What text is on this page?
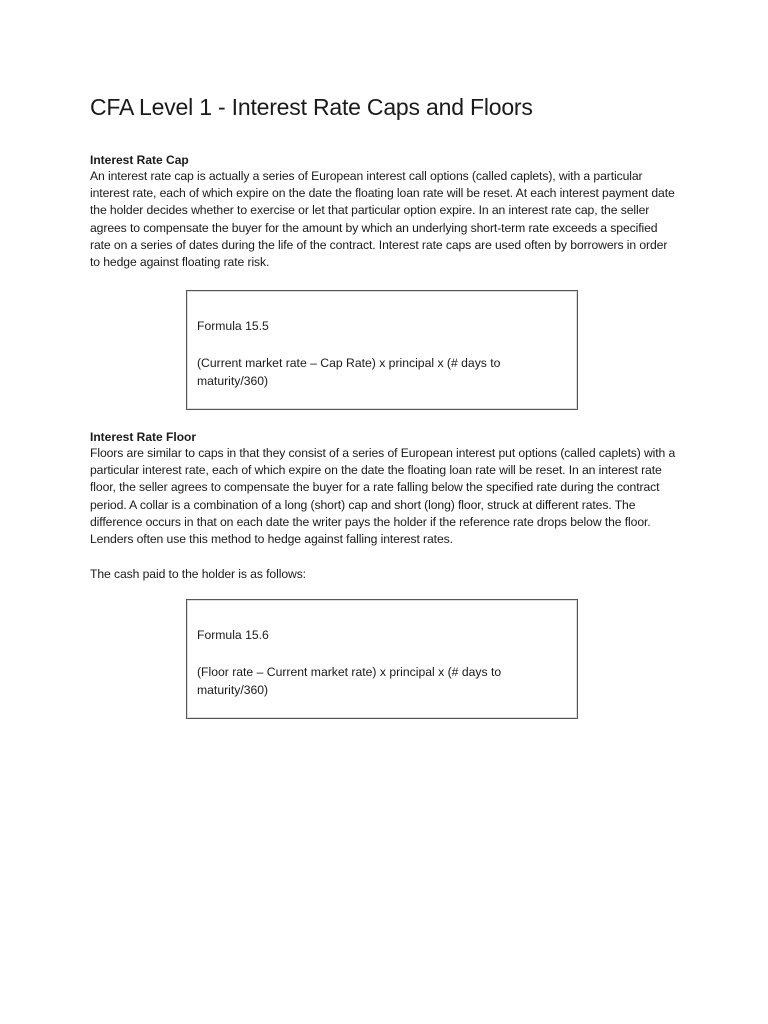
CFA Level 1 - Interest Rate Caps and Floors

Interest Rate Cap

An interest rate cap is actually a series of European interest call options (called caplets), with a particular interest rate, each of which expire on the date the floating loan rate will be reset. At each interest payment date the holder decides whether to exercise or let that particular option expire. In an interest rate cap, the seller agrees to compensate the buyer for the amount by which an underlying short-term rate exceeds a specified rate on a series of dates during the life of the contract. Interest rate caps are used often by borrowers in order to hedge against floating rate risk.

Formula 15.5
(Current market rate – Cap Rate) x principal x (# days to maturity/360)

Interest Rate Floor

Floors are similar to caps in that they consist of a series of European interest put options (called caplets) with a particular interest rate, each of which expire on the date the floating loan rate will be reset. In an interest rate floor, the seller agrees to compensate the buyer for a rate falling below the specified rate during the contract period. A collar is a combination of a long (short) cap and short (long) floor, struck at different rates. The difference occurs in that on each date the writer pays the holder if the reference rate drops below the floor. Lenders often use this method to hedge against falling interest rates.

The cash paid to the holder is as follows:

Formula 15.6
(Floor rate – Current market rate) x principal x (# days to maturity/360)
